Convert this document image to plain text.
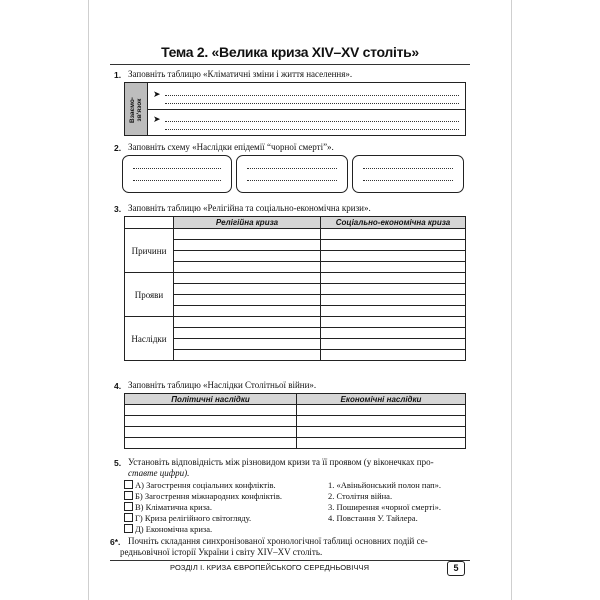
Тема 2. «Велика криза XIV–XV століть»
1. Заповніть таблицю «Кліматичні зміни і життя населення».
Взаємо-
зв'язок
➤
➤
2. Заповніть схему «Наслідки епідемії “чорної смерті”».
3. Заповніть таблицю «Релігійна та соціально-економічна кризи».
	Релігійна криза	Соціально-економічна криза
Причини		

Прояви		

Наслідки		

4. Заповніть таблицю «Наслідки Столітньої війни».
Політичні наслідки	Економічні наслідки

5. Установіть відповідність між різновидом кризи та її проявом (у віконечках про-
ставте цифри).
А) Загострення соціальних конфліктів.
Б) Загострення міжнародних конфліктів.
В) Кліматична криза.
Г) Криза релігійного світогляду.
Д) Економічна криза.
1. «Авіньйонський полон пап».
2. Столітня війна.
3. Поширення «чорної смерті».
4. Повстання У. Тайлера.
6*. Почніть складання синхронізованої хронологічної таблиці основних подій се-
редньовічної історії України і світу XIV–XV століть.
РОЗДІЛ І. КРИЗА ЄВРОПЕЙСЬКОГО СЕРЕДНЬОВІЧЧЯ	5
